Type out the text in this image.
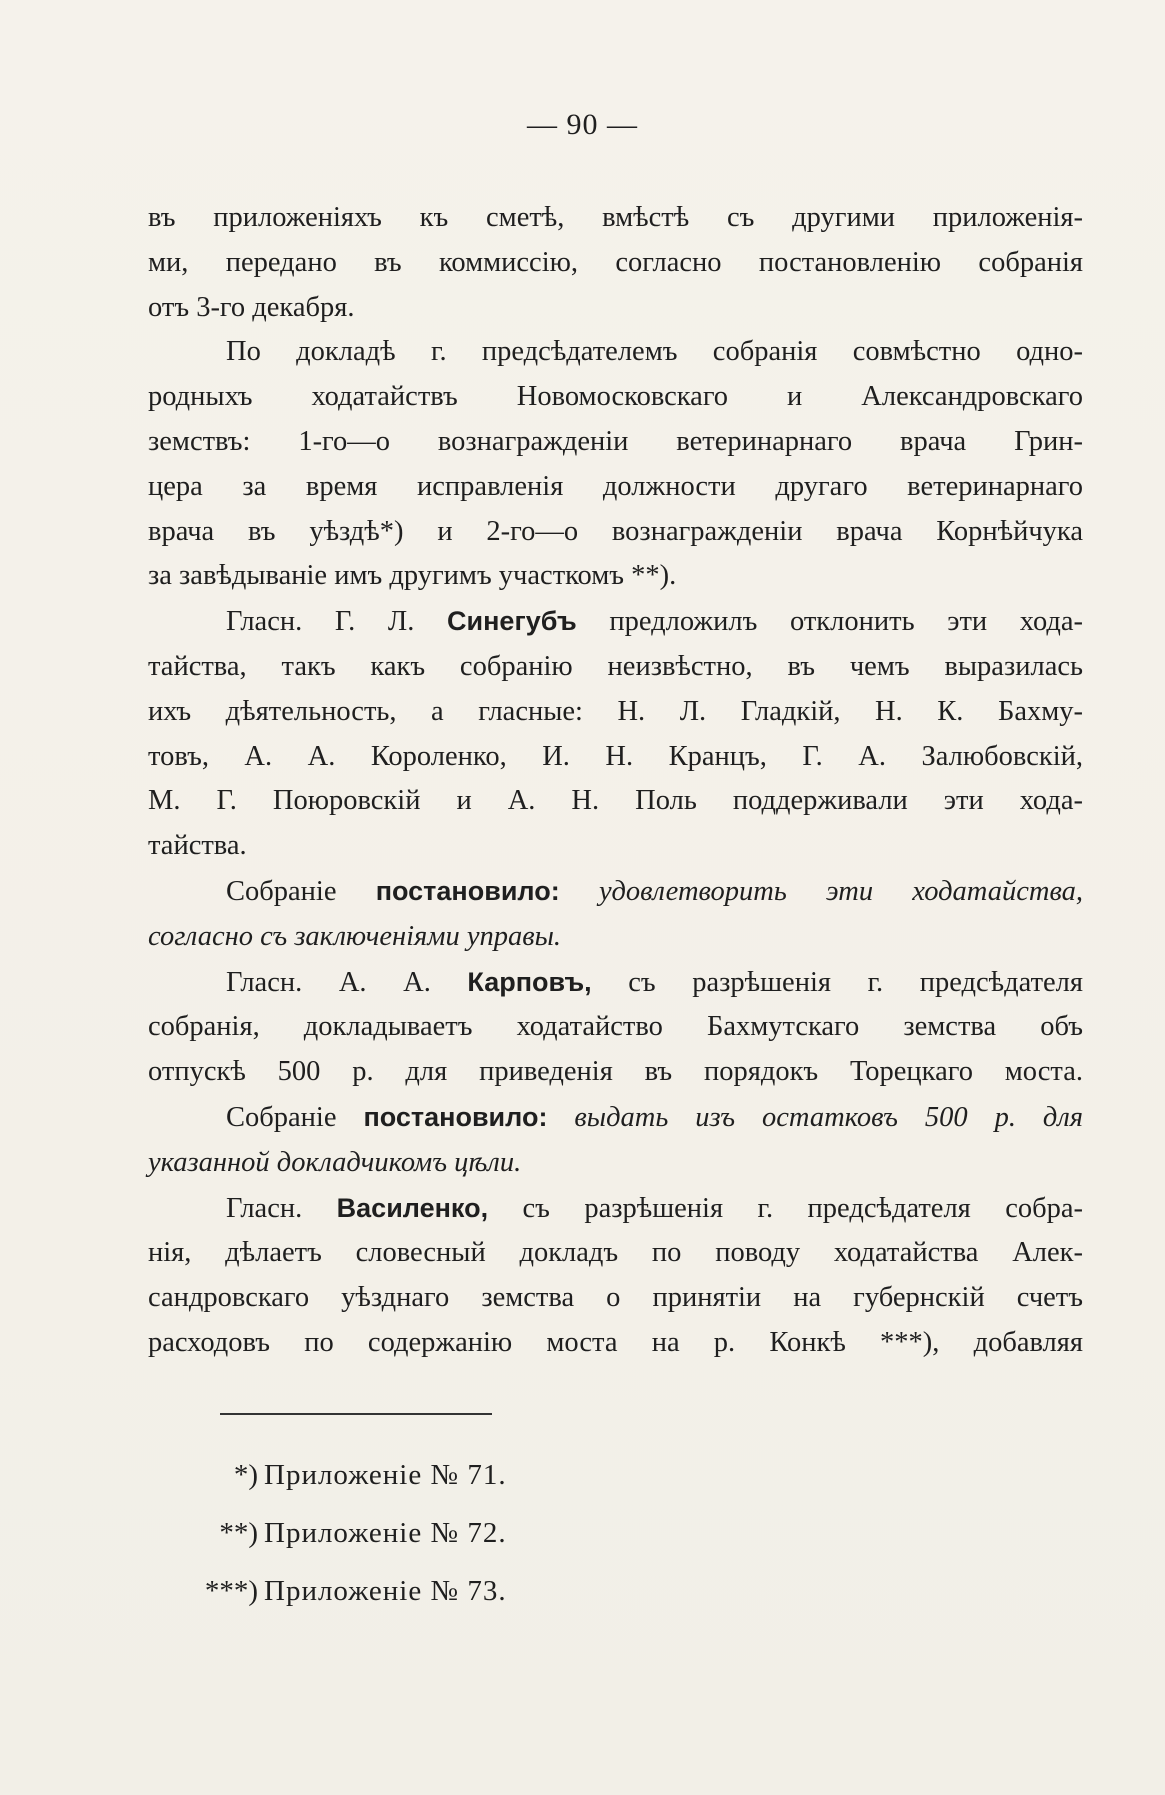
— 90 —
въ приложеніяхъ къ сметѣ, вмѣстѣ съ другими приложенія-
ми, передано въ коммиссію, согласно постановленію собранія
отъ 3-го декабря.
По докладѣ г. предсѣдателемъ собранія совмѣстно одно-
родныхъ ходатайствъ Новомосковскаго и Александровскаго
земствъ: 1-го—о вознагражденіи ветеринарнаго врача Грин-
цера за время исправленія должности другаго ветеринарнаго
врача въ уѣздѣ*) и 2-го—о вознагражденіи врача Корнѣйчука
за завѣдываніе имъ другимъ участкомъ **).
Гласн. Г. Л. Синегубъ предложилъ отклонить эти хода-
тайства, такъ какъ собранію неизвѣстно, въ чемъ выразилась
ихъ дѣятельность, а гласные: Н. Л. Гладкій, Н. К. Бахму-
товъ, А. А. Короленко, И. Н. Кранцъ, Г. А. Залюбовскій,
М. Г. Поюровскій и А. Н. Поль поддерживали эти хода-
тайства.
Собраніе постановило: удовлетворить эти ходатайства,
согласно съ заключеніями управы.
Гласн. А. А. Карповъ, съ разрѣшенія г. предсѣдателя
собранія, докладываетъ ходатайство Бахмутскаго земства объ
отпускѣ 500 р. для приведенія въ порядокъ Торецкаго моста.
Собраніе постановило: выдать изъ остатковъ 500 р. для
указанной докладчикомъ цѣли.
Гласн. Василенко, съ разрѣшенія г. предсѣдателя собра-
нія, дѣлаетъ словесный докладъ по поводу ходатайства Алек-
сандровскаго уѣзднаго земства о принятіи на губернскій счетъ
расходовъ по содержанію моста на р. Конкѣ ***), добавляя
*) Приложеніе № 71.
**) Приложеніе № 72.
***) Приложеніе № 73.
